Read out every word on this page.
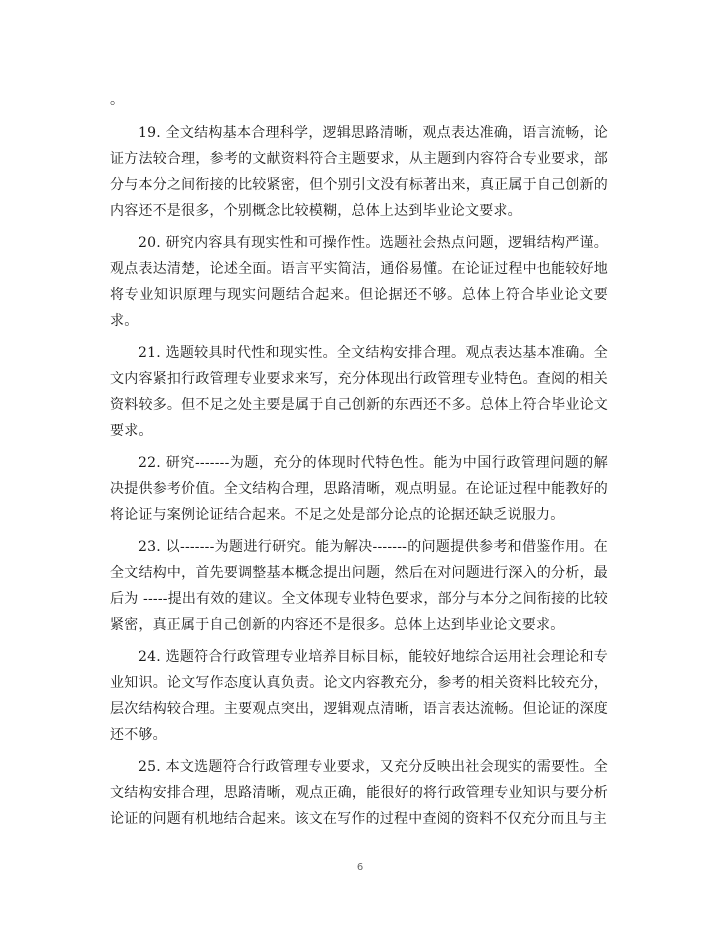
。

19. 全文结构基本合理科学，逻辑思路清晰，观点表达准确，语言流畅，论证方法较合理，参考的文献资料符合主题要求，从主题到内容符合专业要求，部分与本分之间衔接的比较紧密，但个别引文没有标著出来，真正属于自己创新的内容还不是很多，个别概念比较模糊，总体上达到毕业论文要求。

20. 研究内容具有现实性和可操作性。选题社会热点问题，逻辑结构严谨。观点表达清楚，论述全面。语言平实简洁，通俗易懂。在论证过程中也能较好地将专业知识原理与现实问题结合起来。但论据还不够。总体上符合毕业论文要求。

21. 选题较具时代性和现实性。全文结构安排合理。观点表达基本准确。全文内容紧扣行政管理专业要求来写，充分体现出行政管理专业特色。查阅的相关资料较多。但不足之处主要是属于自己创新的东西还不多。总体上符合毕业论文要求。

22. 研究-------为题，充分的体现时代特色性。能为中国行政管理问题的解决提供参考价值。全文结构合理，思路清晰，观点明显。在论证过程中能教好的将论证与案例论证结合起来。不足之处是部分论点的论据还缺乏说服力。

23. 以-------为题进行研究。能为解决-------的问题提供参考和借鉴作用。在全文结构中，首先要调整基本概念提出问题，然后在对问题进行深入的分析，最后为 -----提出有效的建议。全文体现专业特色要求，部分与本分之间衔接的比较紧密，真正属于自己创新的内容还不是很多。总体上达到毕业论文要求。

24. 选题符合行政管理专业培养目标目标，能较好地综合运用社会理论和专业知识。论文写作态度认真负责。论文内容教充分，参考的相关资料比较充分，层次结构较合理。主要观点突出，逻辑观点清晰，语言表达流畅。但论证的深度还不够。

25. 本文选题符合行政管理专业要求，又充分反映出社会现实的需要性。全文结构安排合理，思路清晰，观点正确，能很好的将行政管理专业知识与要分析论证的问题有机地结合起来。该文在写作的过程中查阅的资料不仅充分而且与主

6
